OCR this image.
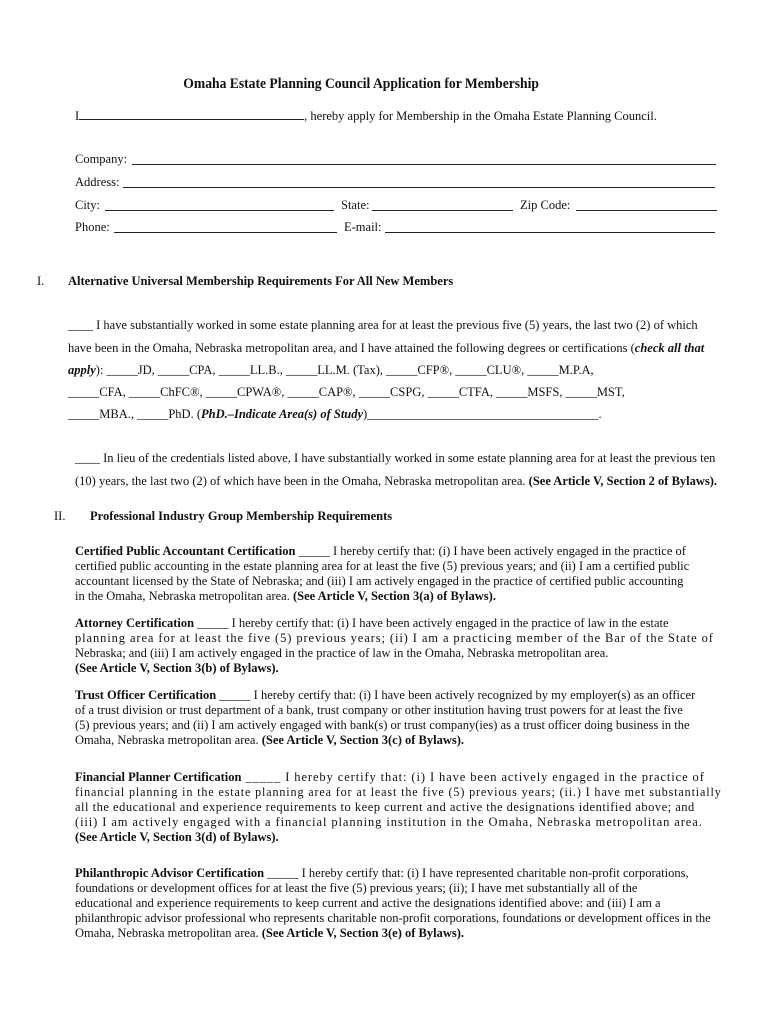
Omaha Estate Planning Council Application for Membership
I	, hereby apply for Membership in the Omaha Estate Planning Council.
Company:
Address:
City:	State:	Zip Code:
Phone:	E-mail:
I. Alternative Universal Membership Requirements For All New Members
____ I have substantially worked in some estate planning area for at least the previous five (5) years, the last two (2) of which
have been in the Omaha, Nebraska metropolitan area, and I have attained the following degrees or certifications (check all that
apply): _____JD, _____CPA, _____LL.B., _____LL.M. (Tax), _____CFP®, _____CLU®, _____M.P.A,
_____CFA, _____ChFC®, _____CPWA®, _____CAP®, _____CSPG, _____CTFA, _____MSFS, _____MST,
_____MBA., _____PhD. (PhD.–Indicate Area(s) of Study)_____________________________________.
____ In lieu of the credentials listed above, I have substantially worked in some estate planning area for at least the previous ten
(10) years, the last two (2) of which have been in the Omaha, Nebraska metropolitan area. (See Article V, Section 2 of Bylaws).
II. Professional Industry Group Membership Requirements
Certified Public Accountant Certification _____ I hereby certify that: (i) I have been actively engaged in the practice of
certified public accounting in the estate planning area for at least the five (5) previous years; and (ii) I am a certified public
accountant licensed by the State of Nebraska; and (iii) I am actively engaged in the practice of certified public accounting
in the Omaha, Nebraska metropolitan area. (See Article V, Section 3(a) of Bylaws).
Attorney Certification _____ I hereby certify that: (i) I have been actively engaged in the practice of law in the estate
planning area for at least the five (5) previous years; (ii) I am a practicing member of the Bar of the State of
Nebraska; and (iii) I am actively engaged in the practice of law in the Omaha, Nebraska metropolitan area.
(See Article V, Section 3(b) of Bylaws).
Trust Officer Certification _____ I hereby certify that: (i) I have been actively recognized by my employer(s) as an officer
of a trust division or trust department of a bank, trust company or other institution having trust powers for at least the five
(5) previous years; and (ii) I am actively engaged with bank(s) or trust company(ies) as a trust officer doing business in the
Omaha, Nebraska metropolitan area. (See Article V, Section 3(c) of Bylaws).
Financial Planner Certification _____ I hereby certify that: (i) I have been actively engaged in the practice of
financial planning in the estate planning area for at least the five (5) previous years; (ii.) I have met substantially
all the educational and experience requirements to keep current and active the designations identified above; and
(iii) I am actively engaged with a financial planning institution in the Omaha, Nebraska metropolitan area.
(See Article V, Section 3(d) of Bylaws).
Philanthropic Advisor Certification _____ I hereby certify that: (i) I have represented charitable non-profit corporations,
foundations or development offices for at least the five (5) previous years; (ii); I have met substantially all of the
educational and experience requirements to keep current and active the designations identified above: and (iii) I am a
philanthropic advisor professional who represents charitable non-profit corporations, foundations or development offices in the
Omaha, Nebraska metropolitan area. (See Article V, Section 3(e) of Bylaws).
